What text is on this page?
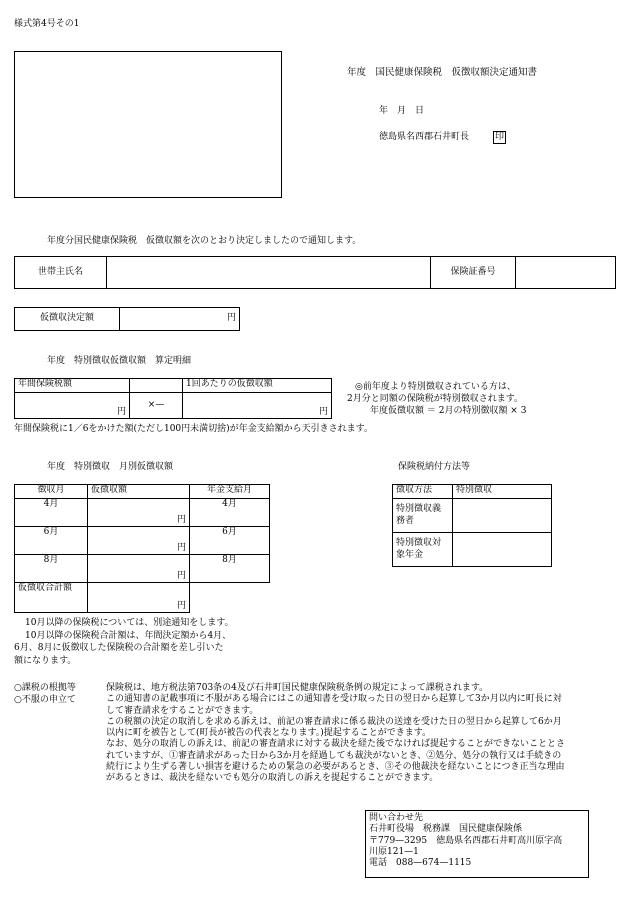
様式第4号その1
年度　国民健康保険税　仮徴収額決定通知書
年　月　日
徳島県名西郡石井町長	印
年度分国民健康保険税　仮徴収額を次のとおり決定しましたので通知します。
世帯主氏名		保険証番号	
仮徴収決定額	円
年度　特別徴収仮徴収額　算定明細
年間保険税額		1回あたりの仮徴収額
円	×—	円
◎前年度より特別徴収されている方は、
2月分と同額の保険税が特別徴収されます。
年度仮徴収額 ＝ 2月の特別徴収額 × 3
年間保険税に1／6をかけた額(ただし100円未満切捨)が年金支給額から天引きされます。
年度　特別徴収　月別仮徴収額
徴収月	仮徴収額	年金支給月
4月	円	4月
6月	円	6月
8月	円	8月
仮徴収合計額	円	
保険税納付方法等
徴収方法	特別徴収
特別徴収義務者	
特別徴収対象年金	
10月以降の保険税については、別途通知をします。
10月以降の保険税合計額は、年間決定額から4月、
6月、8月に仮徴収した保険税の合計額を差し引いた
額になります。
○課税の根拠等
○不服の申立て
保険税は、地方税法第703条の4及び石井町国民健康保険税条例の規定によって課税されます。
この通知書の記載事項に不服がある場合にはこの通知書を受け取った日の翌日から起算して3か月以内に町長に対
して審査請求をすることができます。
この税額の決定の取消しを求める訴えは、前記の審査請求に係る裁決の送達を受けた日の翌日から起算して6か月
以内に町を被告として(町長が被告の代表となります。)提起することができます。
なお、処分の取消しの訴えは、前記の審査請求に対する裁決を経た後でなければ提起することができないこととさ
れていますが、①審査請求があった日から3か月を経過しても裁決がないとき、②処分、処分の執行又は手続きの
続行により生ずる著しい損害を避けるための緊急の必要があるとき、③その他裁決を経ないことにつき正当な理由
があるときは、裁決を経ないでも処分の取消しの訴えを提起することができます。
問い合わせ先
石井町役場　税務課　国民健康保険係
〒779—3295　徳島県名西郡石井町高川原字高
川原121—1
電話　088—674—1115
